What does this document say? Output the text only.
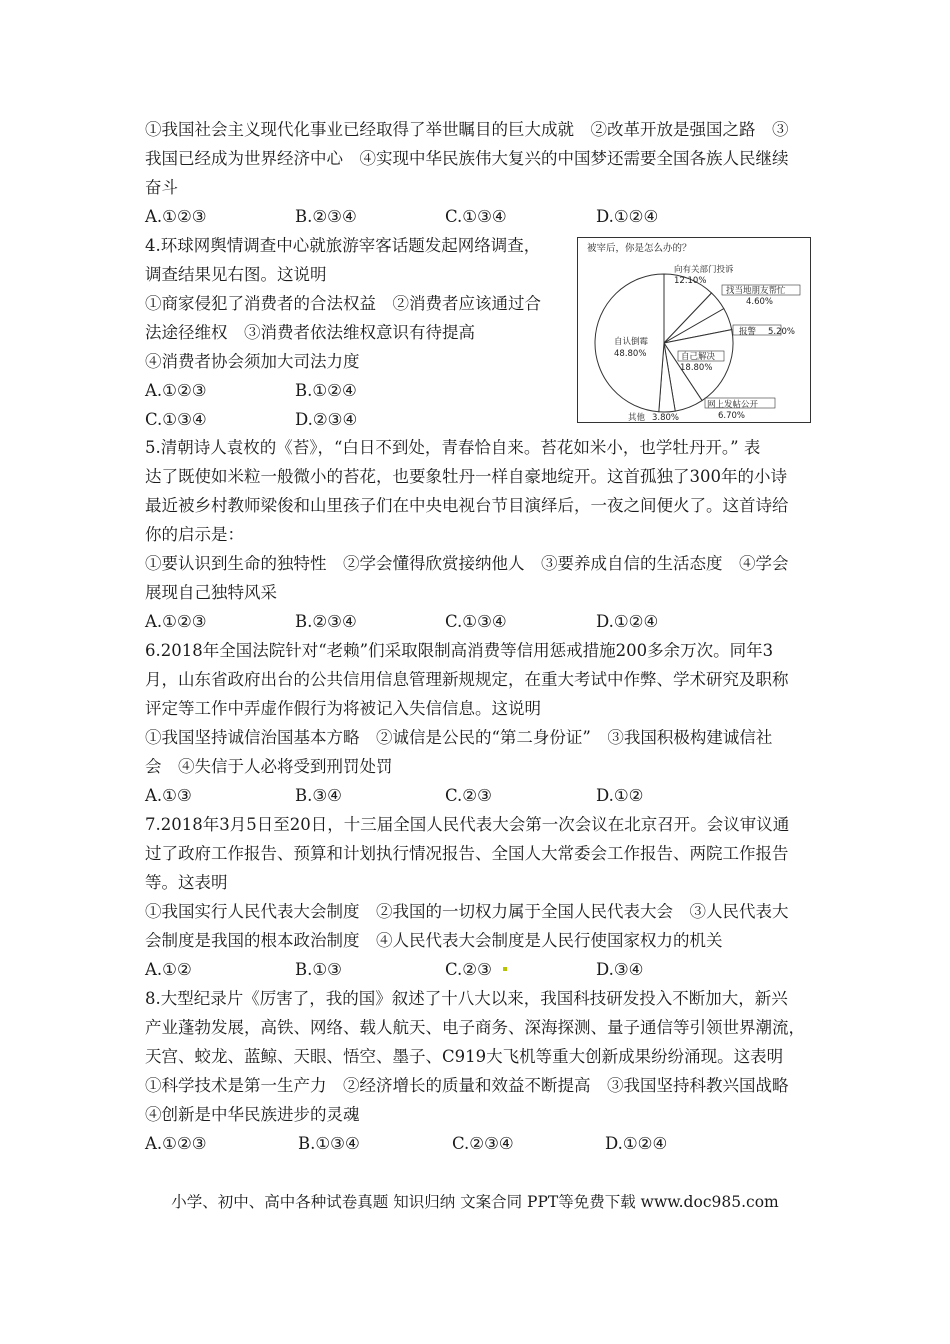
①我国社会主义现代化事业已经取得了举世瞩目的巨大成就　②改革开放是强国之路　③
我国已经成为世界经济中心　④实现中华民族伟大复兴的中国梦还需要全国各族人民继续
奋斗
A.①②③	B.②③④	C.①③④	D.①②④
4.环球网舆情调查中心就旅游宰客话题发起网络调查，
调查结果见右图。这说明
①商家侵犯了消费者的合法权益　②消费者应该通过合
法途径维权　③消费者依法维权意识有待提高
④消费者协会须加大司法力度
A.①②③	B.①②④
C.①③④	D.②③④
被宰后，你是怎么办的？
向有关部门投诉
12.10%
找当地朋友帮忙
4.60%
报警 5.20%
自己解决
18.80%
网上发帖公开
6.70%
其他 3.80%
自认倒霉
48.80%
5.清朝诗人袁枚的《苔》，“白日不到处，青春恰自来。苔花如米小，也学牡丹开。” 表
达了既使如米粒一般微小的苔花，也要象牡丹一样自豪地绽开。这首孤独了300年的小诗
最近被乡村教师梁俊和山里孩子们在中央电视台节目演绎后，一夜之间便火了。这首诗给
你的启示是：
①要认识到生命的独特性　②学会懂得欣赏接纳他人　③要养成自信的生活态度　④学会
展现自己独特风采
A.①②③	B.②③④	C.①③④	D.①②④
6.2018年全国法院针对“老赖”们采取限制高消费等信用惩戒措施200多余万次。同年3
月，山东省政府出台的公共信用信息管理新规规定，在重大考试中作弊、学术研究及职称
评定等工作中弄虚作假行为将被记入失信信息。这说明
①我国坚持诚信治国基本方略　②诚信是公民的“第二身份证”　③我国积极构建诚信社
会　④失信于人必将受到刑罚处罚
A.①③	B.③④	C.②③	D.①②
7.2018年3月5日至20日，十三届全国人民代表大会第一次会议在北京召开。会议审议通
过了政府工作报告、预算和计划执行情况报告、全国人大常委会工作报告、两院工作报告
等。这表明
①我国实行人民代表大会制度　②我国的一切权力属于全国人民代表大会　③人民代表大
会制度是我国的根本政治制度　④人民代表大会制度是人民行使国家权力的机关
A.①②	B.①③	C.②③	D.③④
8.大型纪录片《厉害了，我的国》叙述了十八大以来，我国科技研发投入不断加大，新兴
产业蓬勃发展，高铁、网络、载人航天、电子商务、深海探测、量子通信等引领世界潮流，
天宫、蛟龙、蓝鲸、天眼、悟空、墨子、C919大飞机等重大创新成果纷纷涌现。这表明
①科学技术是第一生产力　②经济增长的质量和效益不断提高　③我国坚持科教兴国战略
④创新是中华民族进步的灵魂
A.①②③	B.①③④	C.②③④	D.①②④
小学、初中、高中各种试卷真题 知识归纳 文案合同 PPT等免费下载 www.doc985.com
